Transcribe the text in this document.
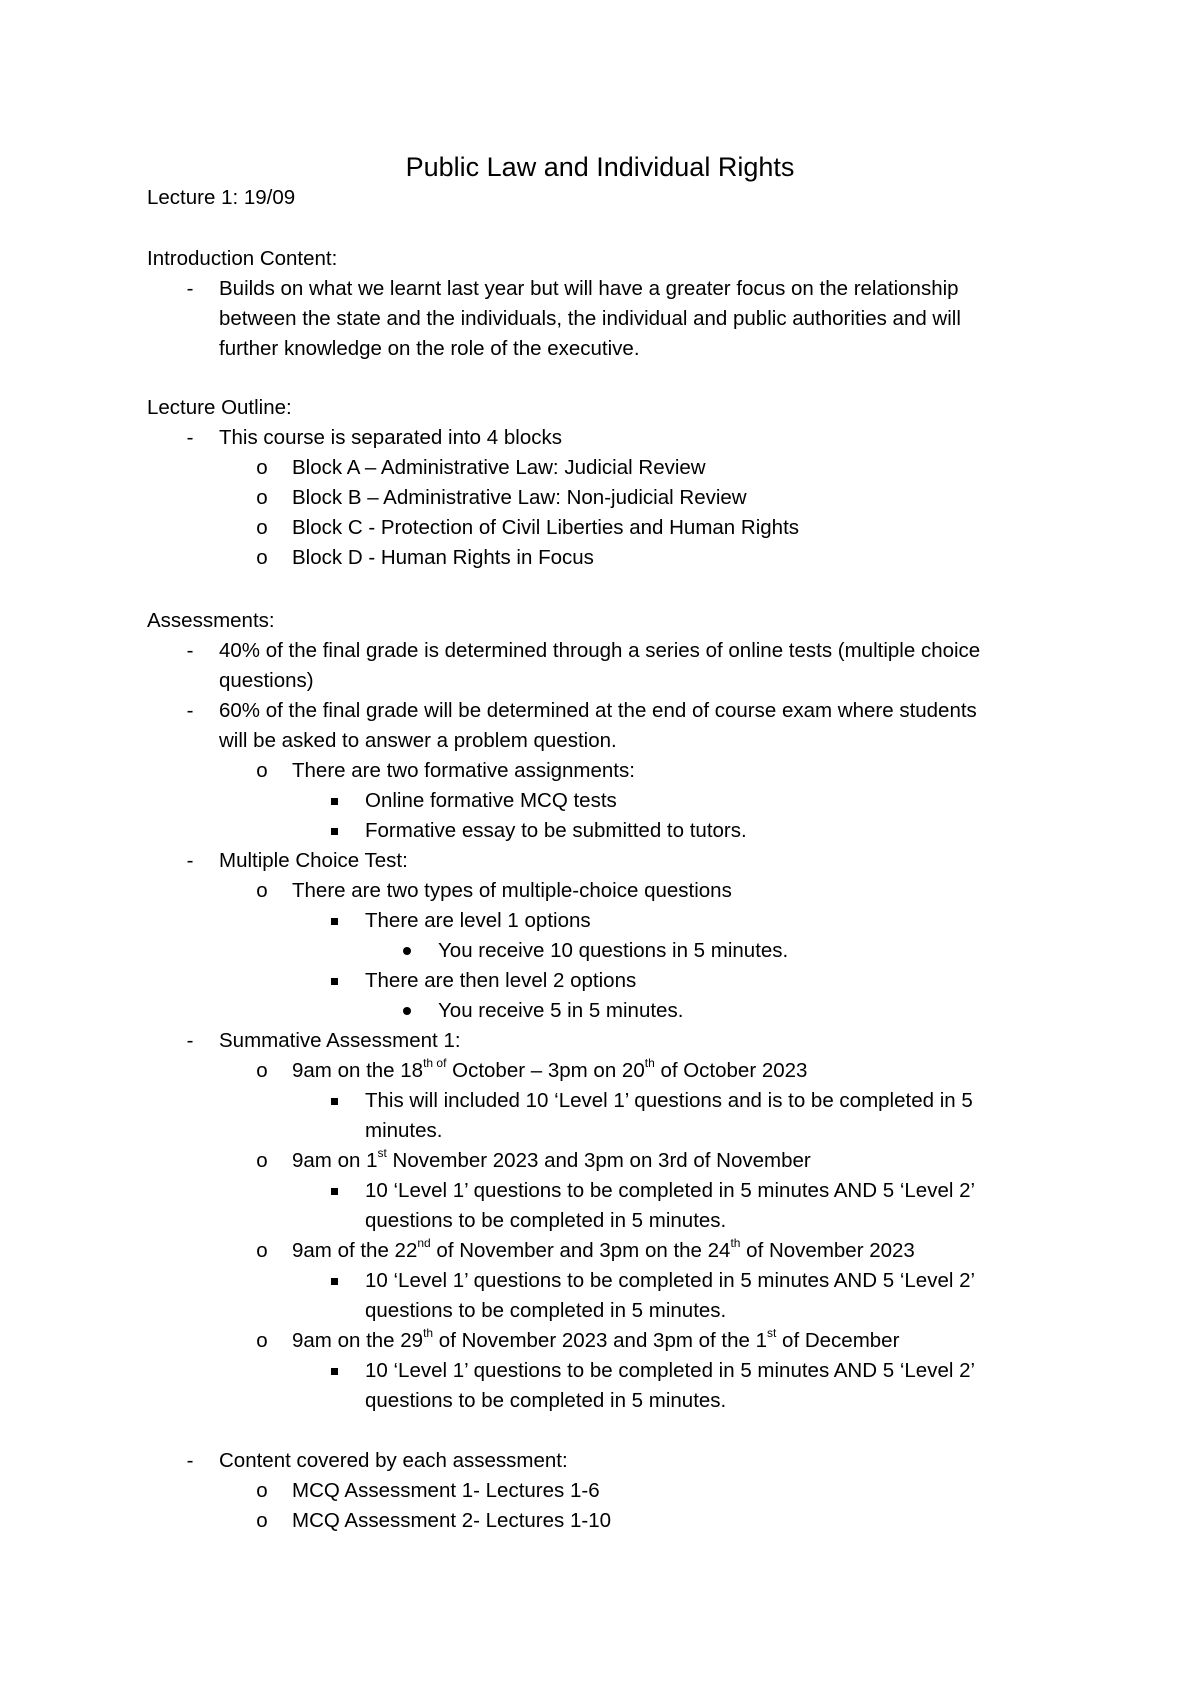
Public Law and Individual Rights
Lecture 1: 19/09
Introduction Content:
- Builds on what we learnt last year but will have a greater focus on the relationship
between the state and the individuals, the individual and public authorities and will
further knowledge on the role of the executive.
Lecture Outline:
- This course is separated into 4 blocks
o Block A – Administrative Law: Judicial Review
o Block B – Administrative Law: Non-judicial Review
o Block C - Protection of Civil Liberties and Human Rights
o Block D - Human Rights in Focus
Assessments:
- 40% of the final grade is determined through a series of online tests (multiple choice
questions)
- 60% of the final grade will be determined at the end of course exam where students
will be asked to answer a problem question.
o There are two formative assignments:
Online formative MCQ tests
Formative essay to be submitted to tutors.
- Multiple Choice Test:
o There are two types of multiple-choice questions
There are level 1 options
You receive 10 questions in 5 minutes.
There are then level 2 options
You receive 5 in 5 minutes.
- Summative Assessment 1:
o 9am on the $18^{th of}$ October – 3pm on 20th of October 2023
This will included 10 ‘Level 1’ questions and is to be completed in 5
minutes.
o 9am on 1st November 2023 and 3pm on 3rd of November
10 ‘Level 1’ questions to be completed in 5 minutes AND 5 ‘Level 2’
questions to be completed in 5 minutes.
o 9am of the 22nd of November and 3pm on the 24th of November 2023
10 ‘Level 1’ questions to be completed in 5 minutes AND 5 ‘Level 2’
questions to be completed in 5 minutes.
o 9am on the 29th of November 2023 and 3pm of the 1st of December
10 ‘Level 1’ questions to be completed in 5 minutes AND 5 ‘Level 2’
questions to be completed in 5 minutes.
- Content covered by each assessment:
o MCQ Assessment 1- Lectures 1-6
o MCQ Assessment 2- Lectures 1-10
